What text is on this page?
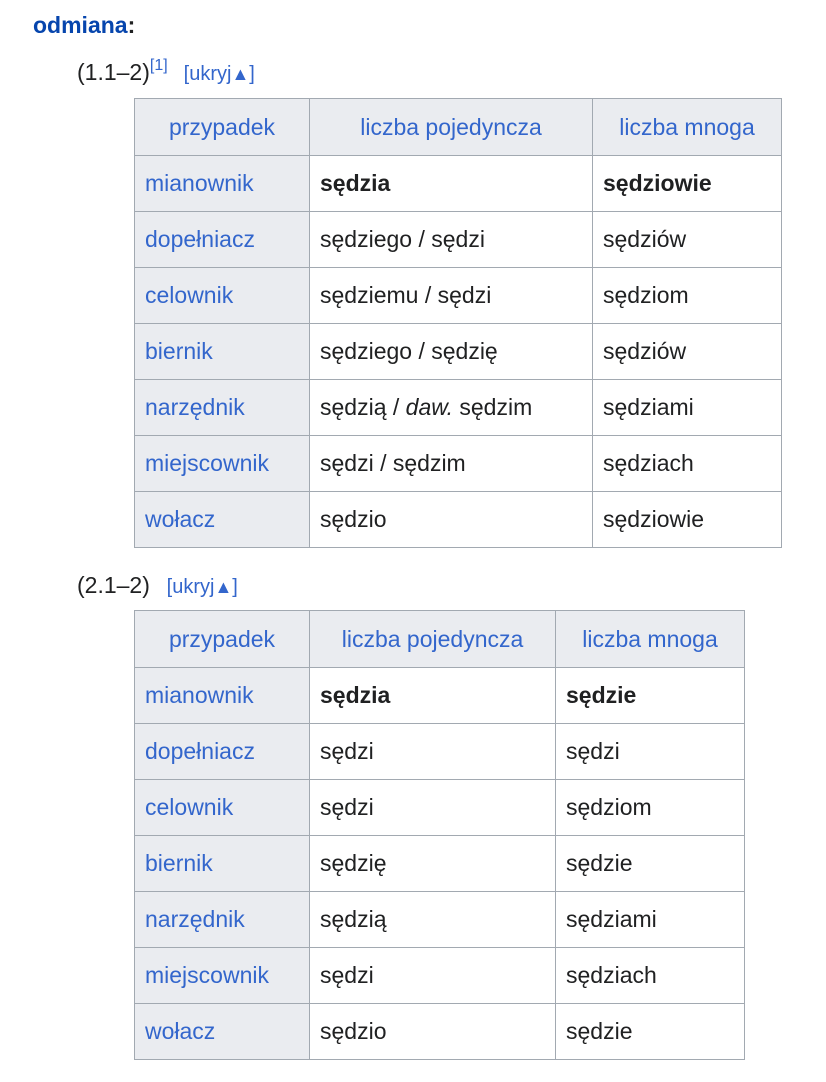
odmiana:
(1.1–2)[1] [ukryj▲]
przypadek	liczba pojedyncza	liczba mnoga
mianownik	sędzia	sędziowie
dopełniacz	sędziego / sędzi	sędziów
celownik	sędziemu / sędzi	sędziom
biernik	sędziego / sędzię	sędziów
narzędnik	sędzią / daw. sędzim	sędziami
miejscownik	sędzi / sędzim	sędziach
wołacz	sędzio	sędziowie
(2.1–2) [ukryj▲]
przypadek	liczba pojedyncza	liczba mnoga
mianownik	sędzia	sędzie
dopełniacz	sędzi	sędzi
celownik	sędzi	sędziom
biernik	sędzię	sędzie
narzędnik	sędzią	sędziami
miejscownik	sędzi	sędziach
wołacz	sędzio	sędzie
